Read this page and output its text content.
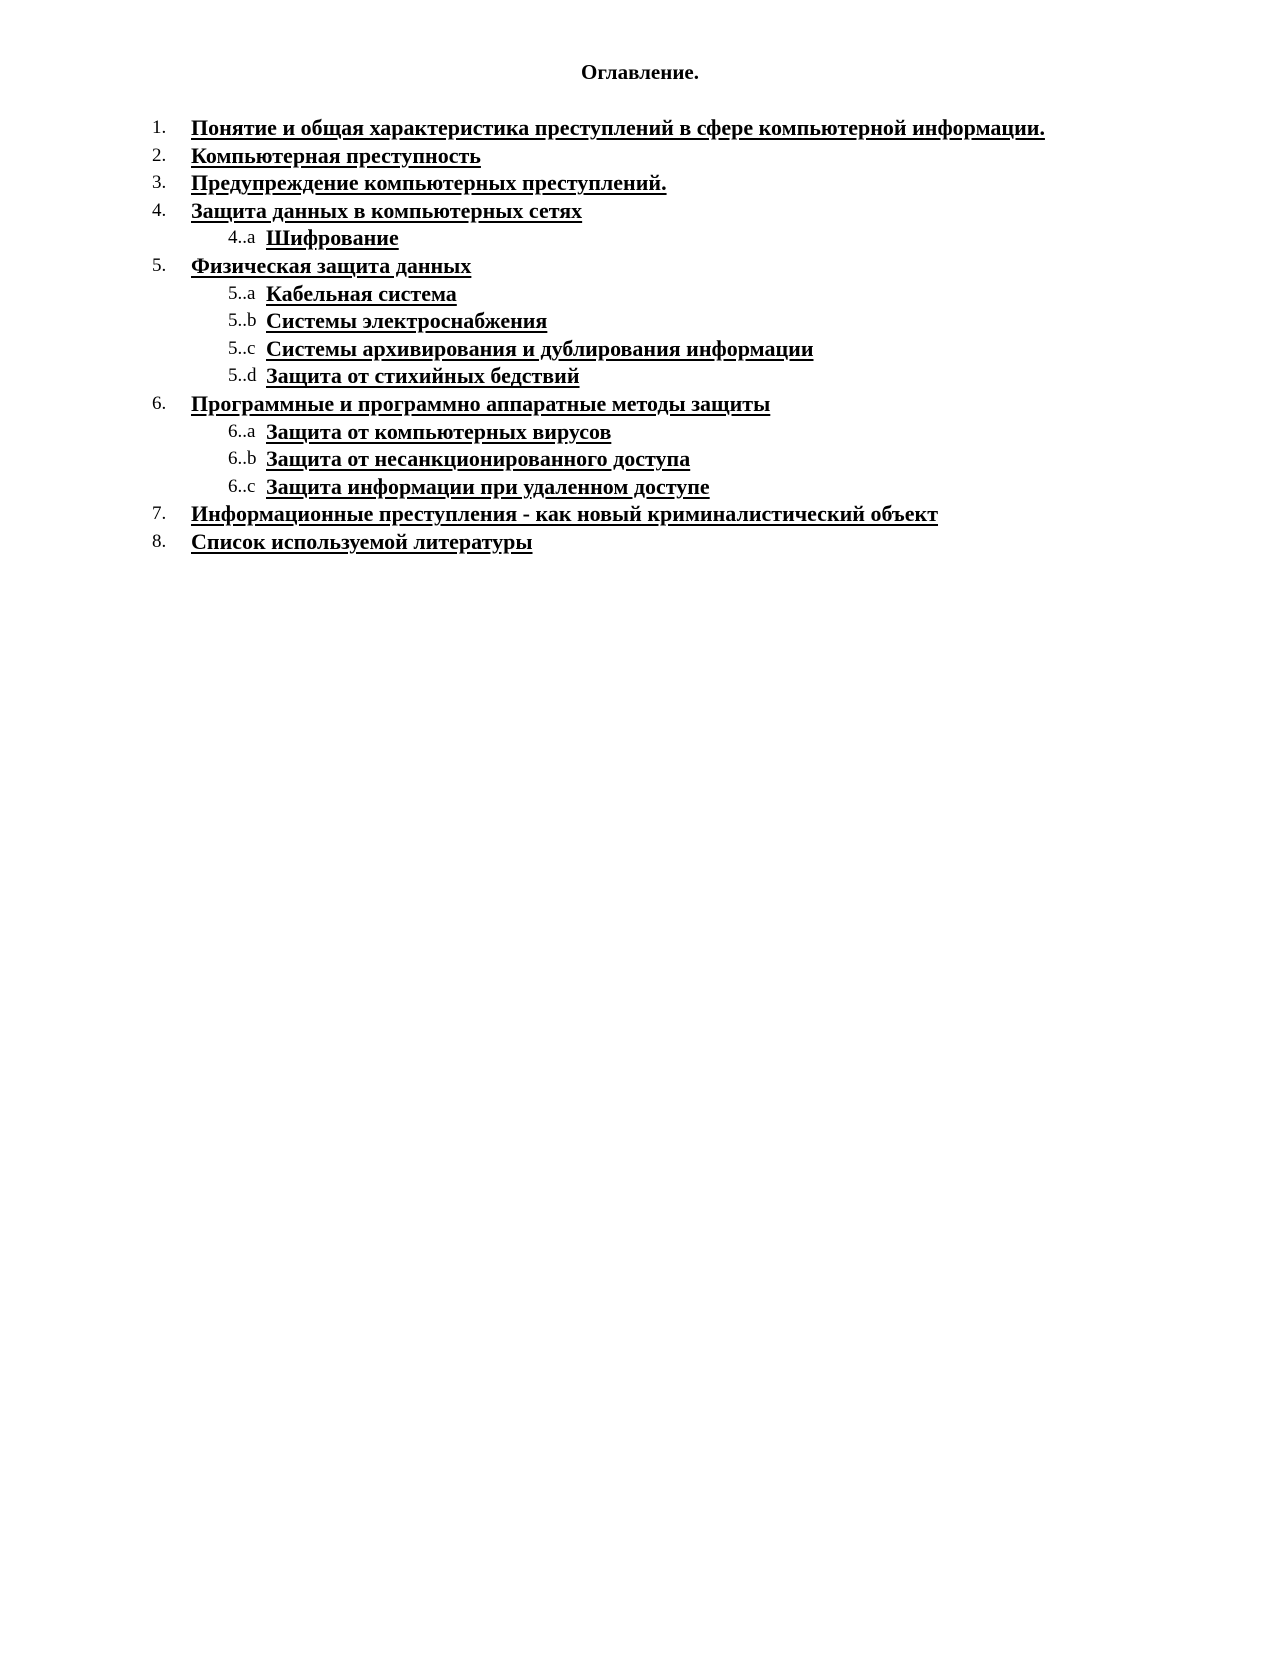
Оглавление.
1. Понятие и общая характеристика преступлений в сфере компьютерной информации.
2. Компьютерная преступность
3. Предупреждение компьютерных преступлений.
4. Защита данных в компьютерных сетях
4..a Шифрование
5. Физическая защита данных
5..a Кабельная система
5..b Системы электроснабжения
5..c Системы архивирования и дублирования информации
5..d Защита от стихийных бедствий
6. Программные и программно аппаратные методы защиты
6..a Защита от компьютерных вирусов
6..b Защита от несанкционированного доступа
6..c Защита информации при удаленном доступе
7. Информационные преступления - как новый криминалистический объект
8. Список используемой литературы
